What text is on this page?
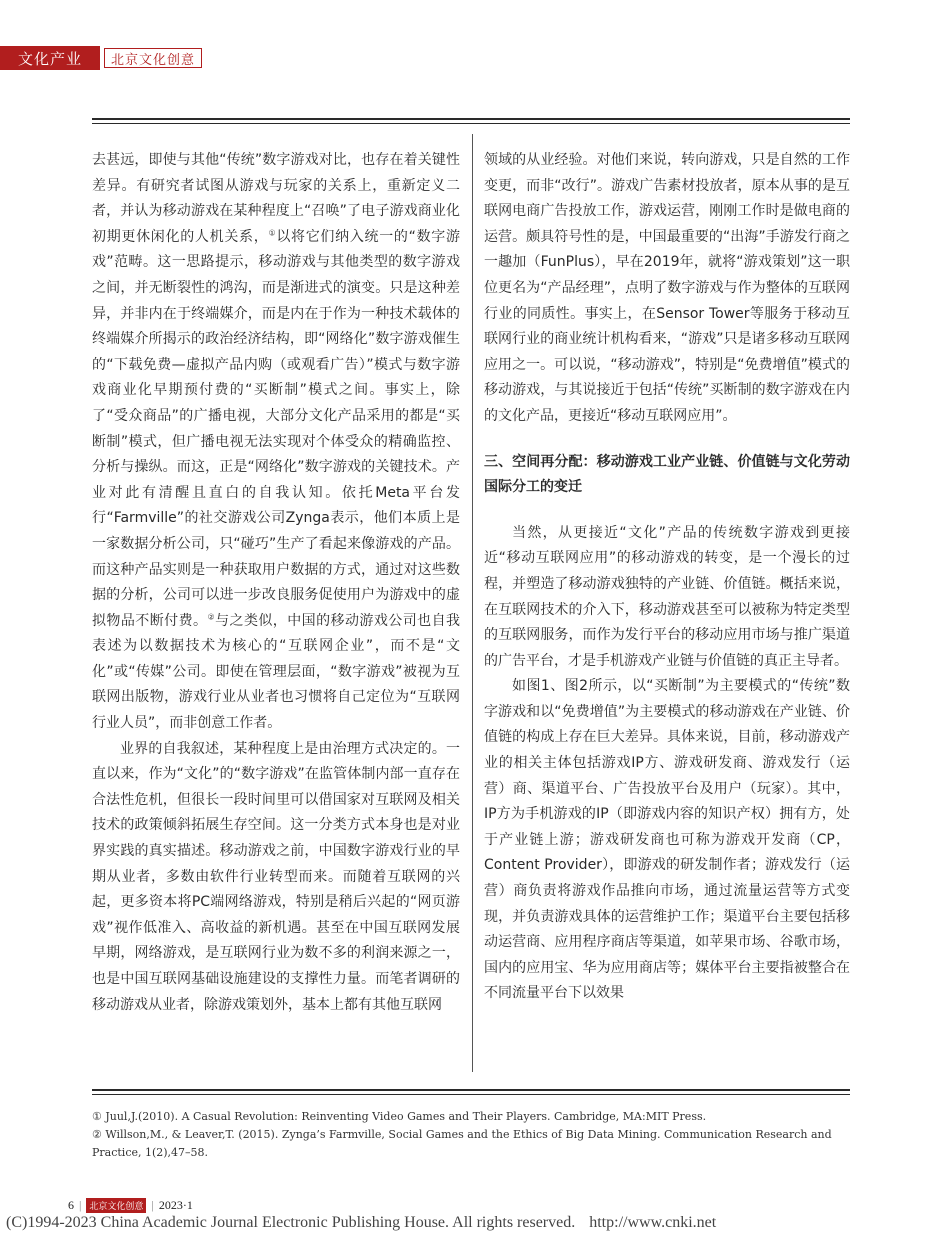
文化产业	北京文化创意

去甚远，即使与其他“传统”数字游戏对比，也存在着关键性差异。有研究者试图从游戏与玩家的关系上，重新定义二者，并认为移动游戏在某种程度上“召唤”了电子游戏商业化初期更休闲化的人机关系，①以将它们纳入统一的“数字游戏”范畴。这一思路提示，移动游戏与其他类型的数字游戏之间，并无断裂性的鸿沟，而是渐进式的演变。只是这种差异，并非内在于终端媒介，而是内在于作为一种技术载体的终端媒介所揭示的政治经济结构，即“网络化”数字游戏催生的“下载免费—虚拟产品内购（或观看广告）”模式与数字游戏商业化早期预付费的“买断制”模式之间。事实上，除了“受众商品”的广播电视，大部分文化产品采用的都是“买断制”模式，但广播电视无法实现对个体受众的精确监控、分析与操纵。而这，正是“网络化”数字游戏的关键技术。产业对此有清醒且直白的自我认知。依托Meta平台发行“Farmville”的社交游戏公司Zynga表示，他们本质上是一家数据分析公司，只“碰巧”生产了看起来像游戏的产品。而这种产品实则是一种获取用户数据的方式，通过对这些数据的分析，公司可以进一步改良服务促使用户为游戏中的虚拟物品不断付费。②与之类似，中国的移动游戏公司也自我表述为以数据技术为核心的“互联网企业”，而不是“文化”或“传媒”公司。即使在管理层面，“数字游戏”被视为互联网出版物，游戏行业从业者也习惯将自己定位为“互联网行业人员”，而非创意工作者。

业界的自我叙述，某种程度上是由治理方式决定的。一直以来，作为“文化”的“数字游戏”在监管体制内部一直存在合法性危机，但很长一段时间里可以借国家对互联网及相关技术的政策倾斜拓展生存空间。这一分类方式本身也是对业界实践的真实描述。移动游戏之前，中国数字游戏行业的早期从业者，多数由软件行业转型而来。而随着互联网的兴起，更多资本将PC端网络游戏，特别是稍后兴起的“网页游戏”视作低准入、高收益的新机遇。甚至在中国互联网发展早期，网络游戏，是互联网行业为数不多的利润来源之一，也是中国互联网基础设施建设的支撑性力量。而笔者调研的移动游戏从业者，除游戏策划外，基本上都有其他互联网

领域的从业经验。对他们来说，转向游戏，只是自然的工作变更，而非“改行”。游戏广告素材投放者，原本从事的是互联网电商广告投放工作，游戏运营，刚刚工作时是做电商的运营。颇具符号性的是，中国最重要的“出海”手游发行商之一趣加（FunPlus），早在2019年，就将“游戏策划”这一职位更名为“产品经理”，点明了数字游戏与作为整体的互联网行业的同质性。事实上，在Sensor Tower等服务于移动互联网行业的商业统计机构看来，“游戏”只是诸多移动互联网应用之一。可以说，“移动游戏”，特别是“免费增值”模式的移动游戏，与其说接近于包括“传统”买断制的数字游戏在内的文化产品，更接近“移动互联网应用”。

三、空间再分配：移动游戏工业产业链、价值链与文化劳动国际分工的变迁

当然，从更接近“文化”产品的传统数字游戏到更接近“移动互联网应用”的移动游戏的转变，是一个漫长的过程，并塑造了移动游戏独特的产业链、价值链。概括来说，在互联网技术的介入下，移动游戏甚至可以被称为特定类型的互联网服务，而作为发行平台的移动应用市场与推广渠道的广告平台，才是手机游戏产业链与价值链的真正主导者。

如图1、图2所示，以“买断制”为主要模式的“传统”数字游戏和以“免费增值”为主要模式的移动游戏在产业链、价值链的构成上存在巨大差异。具体来说，目前，移动游戏产业的相关主体包括游戏IP方、游戏研发商、游戏发行（运营）商、渠道平台、广告投放平台及用户（玩家）。其中，IP方为手机游戏的IP（即游戏内容的知识产权）拥有方，处于产业链上游；游戏研发商也可称为游戏开发商（CP，Content Provider），即游戏的研发制作者；游戏发行（运营）商负责将游戏作品推向市场，通过流量运营等方式变现，并负责游戏具体的运营维护工作；渠道平台主要包括移动运营商、应用程序商店等渠道，如苹果市场、谷歌市场，国内的应用宝、华为应用商店等；媒体平台主要指被整合在不同流量平台下以效果

① Juul,J.(2010). A Casual Revolution: Reinventing Video Games and Their Players. Cambridge, MA:MIT Press.

② Willson,M., & Leaver,T. (2015). Zynga’s Farmville, Social Games and the Ethics of Big Data Mining. Communication Research and Practice, 1(2),47–58.

6 | 北京文化创意 | 2023·1
(C)1994-2023 China Academic Journal Electronic Publishing House. All rights reserved. http://www.cnki.net
